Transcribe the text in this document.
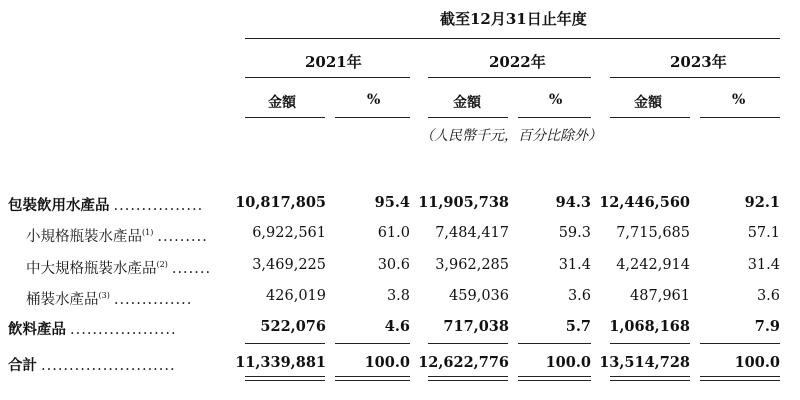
截至12月31日止年度
2021年	2022年	2023年
金額	%	金額	%	金額	%
（人民幣千元，百分比除外）
包裝飲用水產品 ................ 10,817,805	95.4 11,905,738	94.3 12,446,560	92.1
小規格瓶裝水產品$^{(1)}$ .........	6,922,561	61.0 7,484,417	59.3 7,715,685	57.1
中大規格瓶裝水產品$^{(2)}$ .......	3,469,225	30.6 3,962,285	31.4 4,242,914	31.4
桶裝水產品$^{(3)}$ ..............	426,019	3.8	459,036	3.6	487,961	3.6
飲料產品 ...................	522,076	4.6 717,038	5.7 1,068,168	7.9
合計 ........................	11,339,881	100.0 12,622,776	100.0 13,514,728	100.0
